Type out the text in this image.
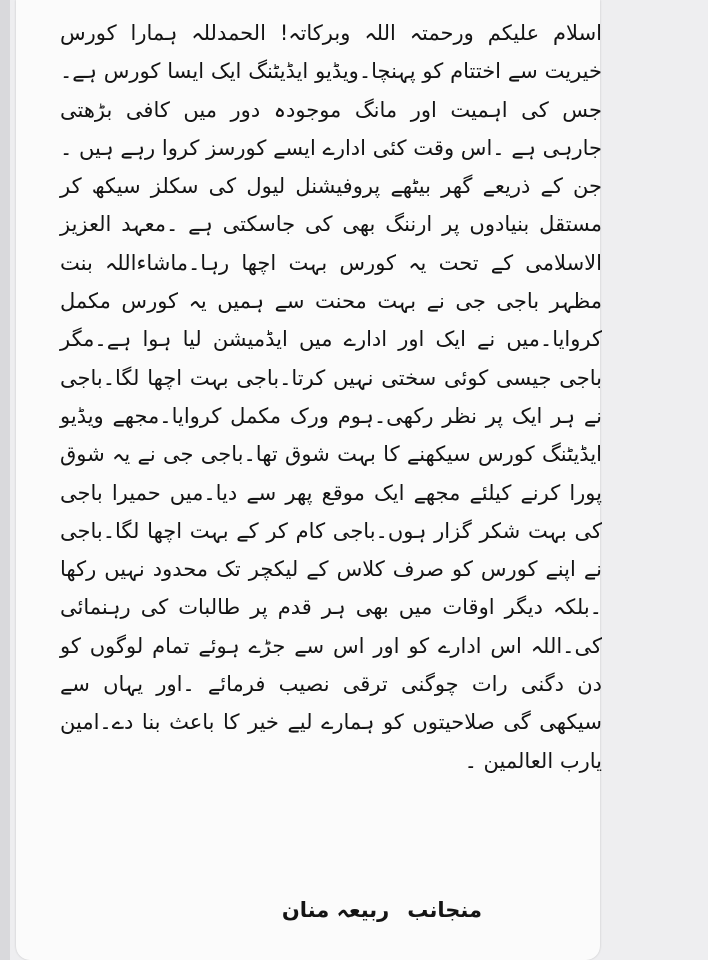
اسلام علیکم ورحمتہ اللہ وبرکاتہ! الحمدللہ ہمارا کورس خیریت سے اختتام کو پہنچا۔ویڈیو ایڈیٹنگ ایک ایسا کورس ہے۔جس کی اہمیت اور مانگ موجودہ دور میں کافی بڑھتی جارہی ہے ۔اس وقت کئی ادارے ایسے کورسز کروا رہے ہیں ۔جن کے ذریعے گھر بیٹھے پروفیشنل لیول کی سکلز سیکھ کر مستقل بنیادوں پر ارننگ بھی کی جاسکتی ہے ۔معہد العزیز الاسلامی کے تحت یہ کورس بہت اچھا رہا۔ماشاءاللہ بنت مظہر باجی جی نے بہت محنت سے ہمیں یہ کورس مکمل کروایا۔میں نے ایک اور ادارے میں ایڈمیشن لیا ہوا ہے۔مگر باجی جیسی کوئی سختی نہیں کرتا۔باجی بہت اچھا لگا۔باجی نے ہر ایک پر نظر رکھی۔ہوم ورک مکمل کروایا۔مجھے ویڈیو ایڈیٹنگ کورس سیکھنے کا بہت شوق تھا۔باجی جی نے یہ شوق پورا کرنے کیلئے مجھے ایک موقع پھر سے دیا۔میں حمیرا باجی کی بہت شکر گزار ہوں۔باجی کام کر کے بہت اچھا لگا۔باجی نے اپنے کورس کو صرف کلاس کے لیکچر تک محدود نہیں رکھا ۔بلکہ دیگر اوقات میں بھی ہر قدم پر طالبات کی رہنمائی کی۔اللہ اس ادارے کو اور اس سے جڑے ہوئے تمام لوگوں کو دن دگنی رات چوگنی ترقی نصیب فرمائے ۔اور یہاں سے سیکھی گی صلاحیتوں کو ہمارے لیے خیر کا باعث بنا دے۔امین یارب العالمین ۔

منجانبربیعہ منان
